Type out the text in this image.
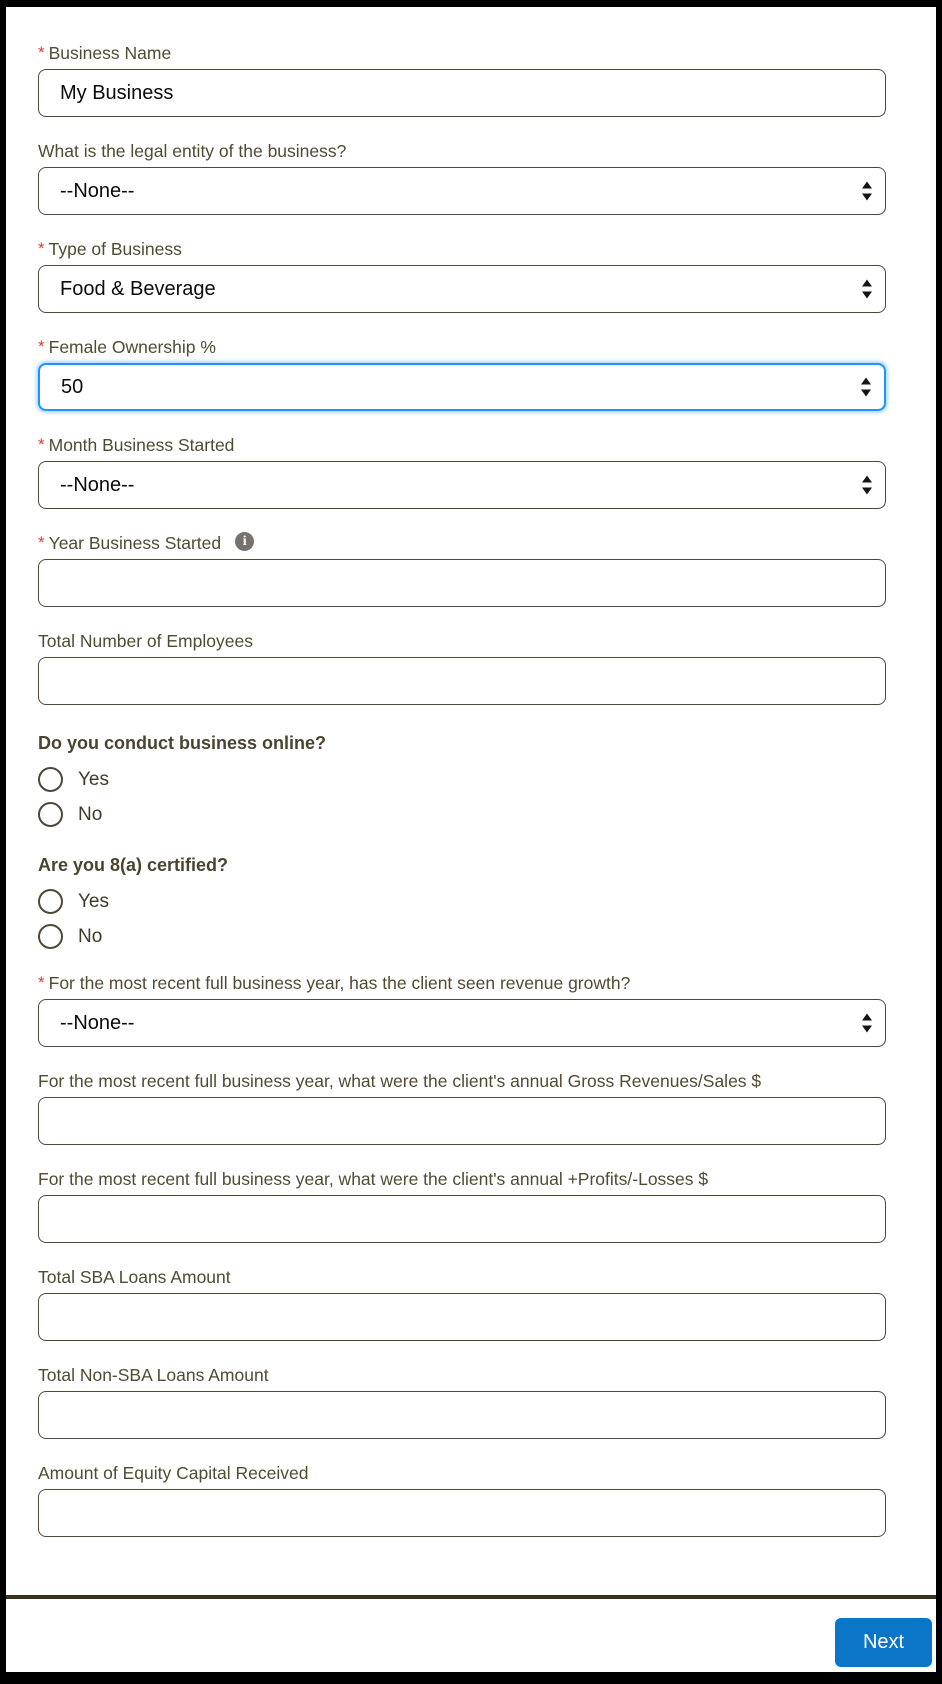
* Business Name
My Business
What is the legal entity of the business?
--None--
* Type of Business
Food & Beverage
* Female Ownership %
50
* Month Business Started
--None--
* Year Business Started	i
Total Number of Employees
Do you conduct business online?
Yes
No
Are you 8(a) certified?
Yes
No
* For the most recent full business year, has the client seen revenue growth?
--None--
For the most recent full business year, what were the client's annual Gross Revenues/Sales $
For the most recent full business year, what were the client's annual +Profits/-Losses $
Total SBA Loans Amount
Total Non-SBA Loans Amount
Amount of Equity Capital Received
Next
